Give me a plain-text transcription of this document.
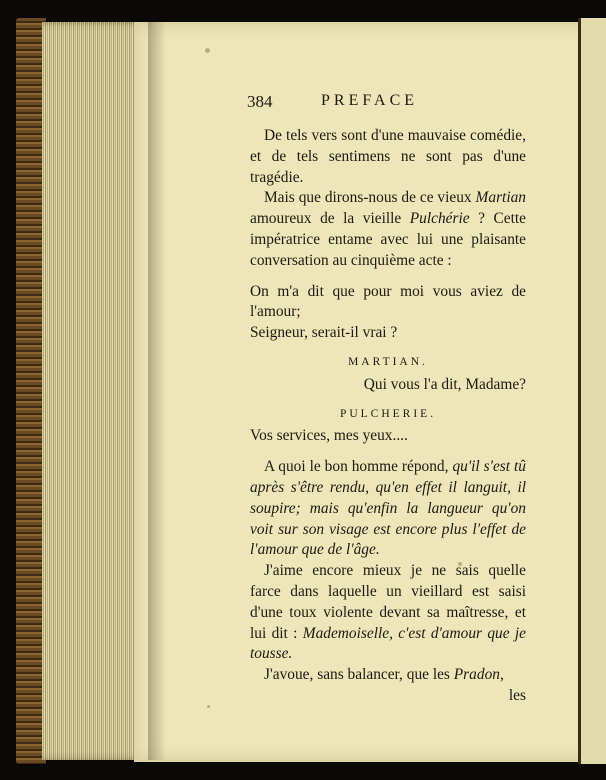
384	PREFACE

De tels vers sont d'une mauvaise comédie, et de tels sentimens ne sont pas d'une tragédie.

Mais que dirons-nous de ce vieux Martian amoureux de la vieille Pulchérie ? Cette impératrice entame avec lui une plaisante conversation au cinquième acte :

On m'a dit que pour moi vous aviez de l'amour;

Seigneur, serait-il vrai ?

MARTIAN.

Qui vous l'a dit, Madame?

PULCHERIE.

Vos services, mes yeux....

A quoi le bon homme répond, qu'il s'est tû après s'être rendu, qu'en effet il languit, il soupire; mais qu'enfin la langueur qu'on voit sur son visage est encore plus l'effet de l'amour que de l'âge.

J'aime encore mieux je ne sais quelle farce dans laquelle un vieillard est saisi d'une toux violente devant sa maîtresse, et lui dit : Mademoiselle, c'est d'amour que je tousse.

J'avoue, sans balancer, que les Pradon,

les
